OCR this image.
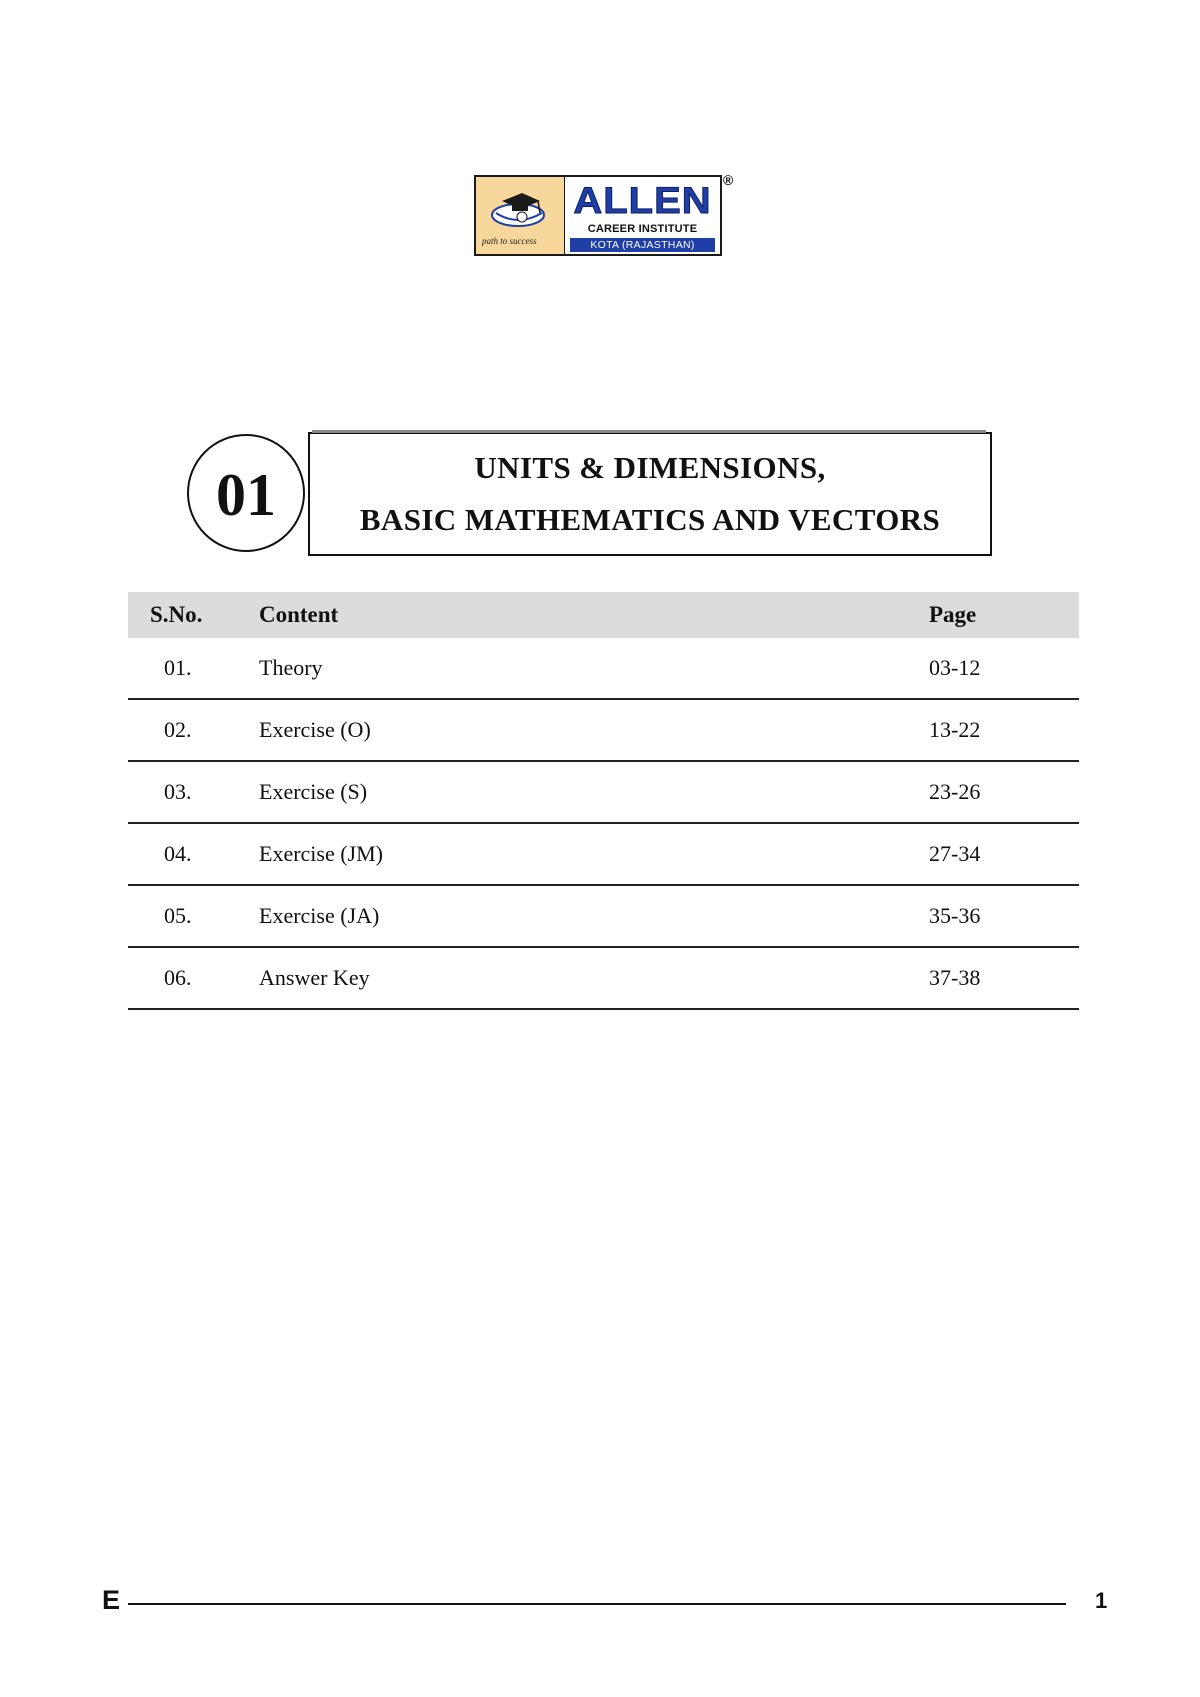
path to success
ALLEN
CAREER INSTITUTE
KOTA (RAJASTHAN)
®
01	UNITS & DIMENSIONS,
BASIC MATHEMATICS AND VECTORS
S.No.	Content	Page
01.	Theory	03-12
02.	Exercise (O)	13-22
03.	Exercise (S)	23-26
04.	Exercise (JM)	27-34
05.	Exercise (JA)	35-36
06.	Answer Key	37-38
E	1
